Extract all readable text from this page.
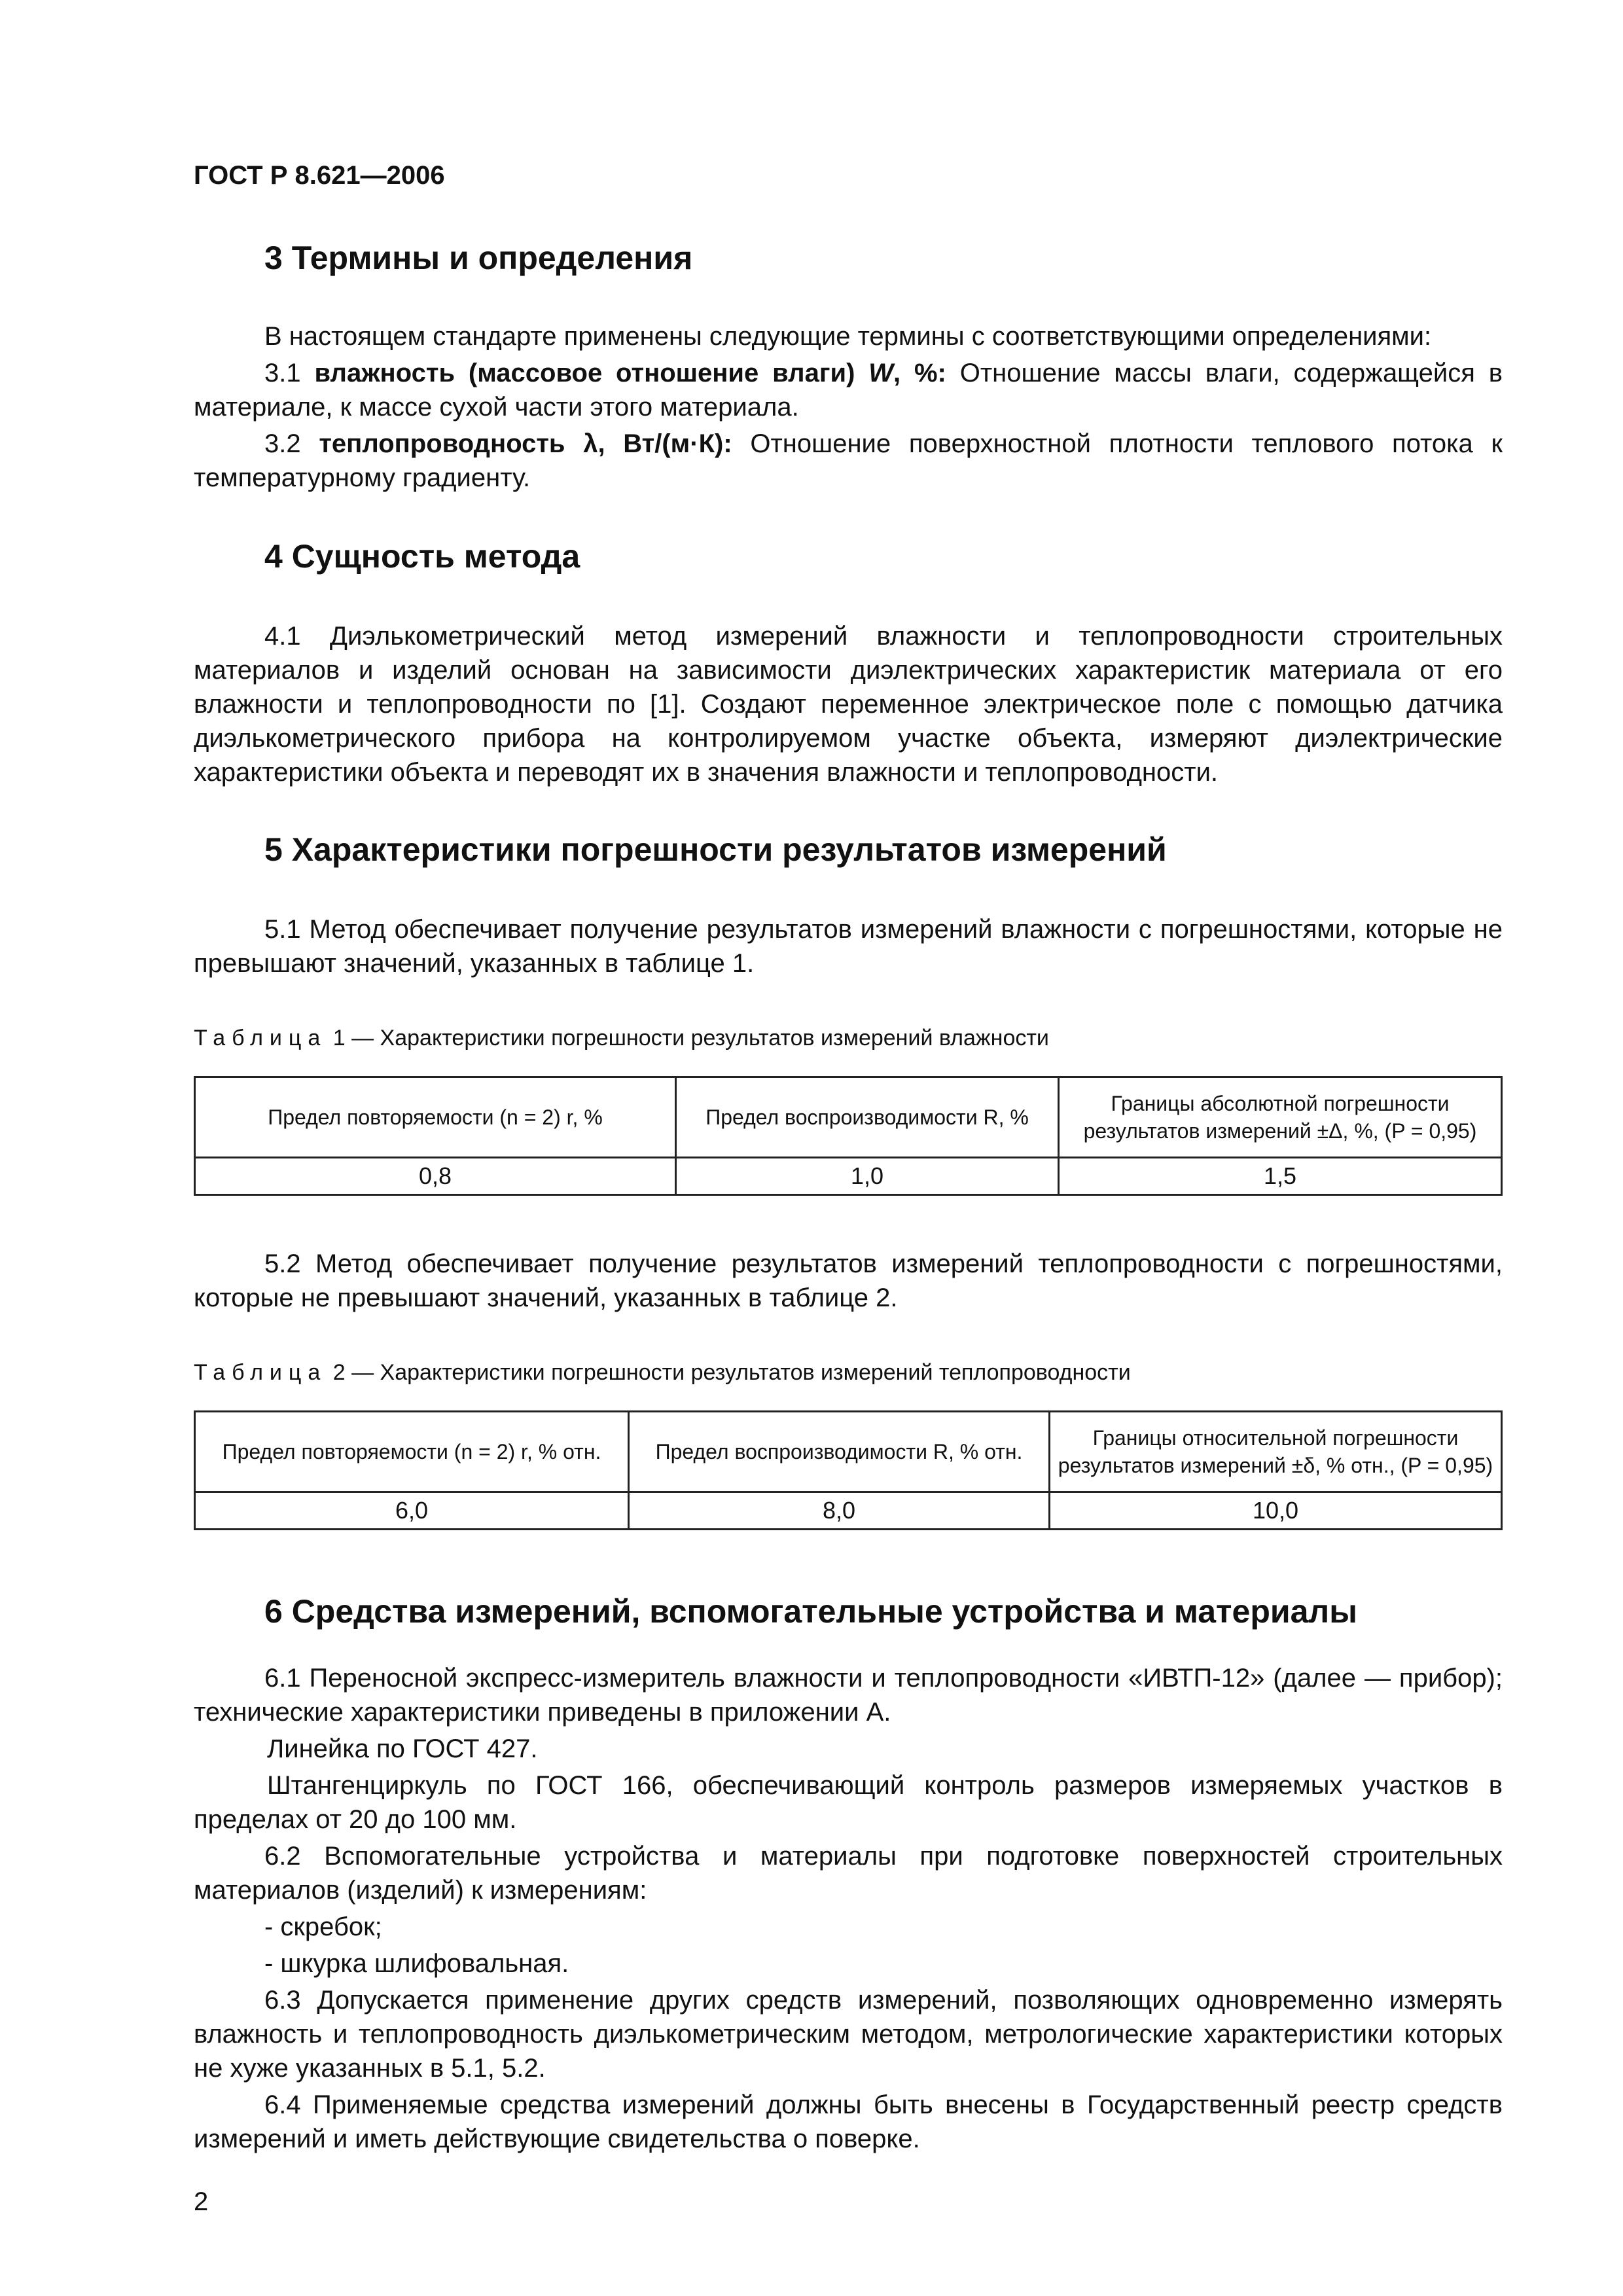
ГОСТ Р 8.621—2006
3 Термины и определения

В настоящем стандарте применены следующие термины с соответствующими определениями:

3.1 влажность (массовое отношение влаги) W, %: Отношение массы влаги, содержащейся в материале, к массе сухой части этого материала.

3.2 теплопроводность λ, Вт/(м·К): Отношение поверхностной плотности теплового потока к температурному градиенту.

4 Сущность метода

4.1 Диэлькометрический метод измерений влажности и теплопроводности строительных материалов и изделий основан на зависимости диэлектрических характеристик материала от его влажности и теплопроводности по [1]. Создают переменное электрическое поле с помощью датчика диэлькометрического прибора на контролируемом участке объекта, измеряют диэлектрические характеристики объекта и переводят их в значения влажности и теплопроводности.

5 Характеристики погрешности результатов измерений

5.1 Метод обеспечивает получение результатов измерений влажности с погрешностями, которые не превышают значений, указанных в таблице 1.

Таблица 1 — Характеристики погрешности результатов измерений влажности
Предел повторяемости (n = 2) r, %	Предел воспроизводимости R, %	Границы абсолютной погрешности результатов измерений ±Δ, %, (P = 0,95)
0,8	1,0	1,5

5.2 Метод обеспечивает получение результатов измерений теплопроводности с погрешностями, которые не превышают значений, указанных в таблице 2.

Таблица 2 — Характеристики погрешности результатов измерений теплопроводности
Предел повторяемости (n = 2) r, % отн.	Предел воспроизводимости R, % отн.	Границы относительной погрешности результатов измерений ±δ, % отн., (P = 0,95)
6,0	8,0	10,0
6 Средства измерений, вспомогательные устройства и материалы

6.1 Переносной экспресс-измеритель влажности и теплопроводности «ИВТП-12» (далее — прибор); технические характеристики приведены в приложении А.

Линейка по ГОСТ 427.

Штангенциркуль по ГОСТ 166, обеспечивающий контроль размеров измеряемых участков в пределах от 20 до 100 мм.

6.2 Вспомогательные устройства и материалы при подготовке поверхностей строительных материалов (изделий) к измерениям:

- скребок;

- шкурка шлифовальная.

6.3 Допускается применение других средств измерений, позволяющих одновременно измерять влажность и теплопроводность диэлькометрическим методом, метрологические характеристики которых не хуже указанных в 5.1, 5.2.

6.4 Применяемые средства измерений должны быть внесены в Государственный реестр средств измерений и иметь действующие свидетельства о поверке.

2
